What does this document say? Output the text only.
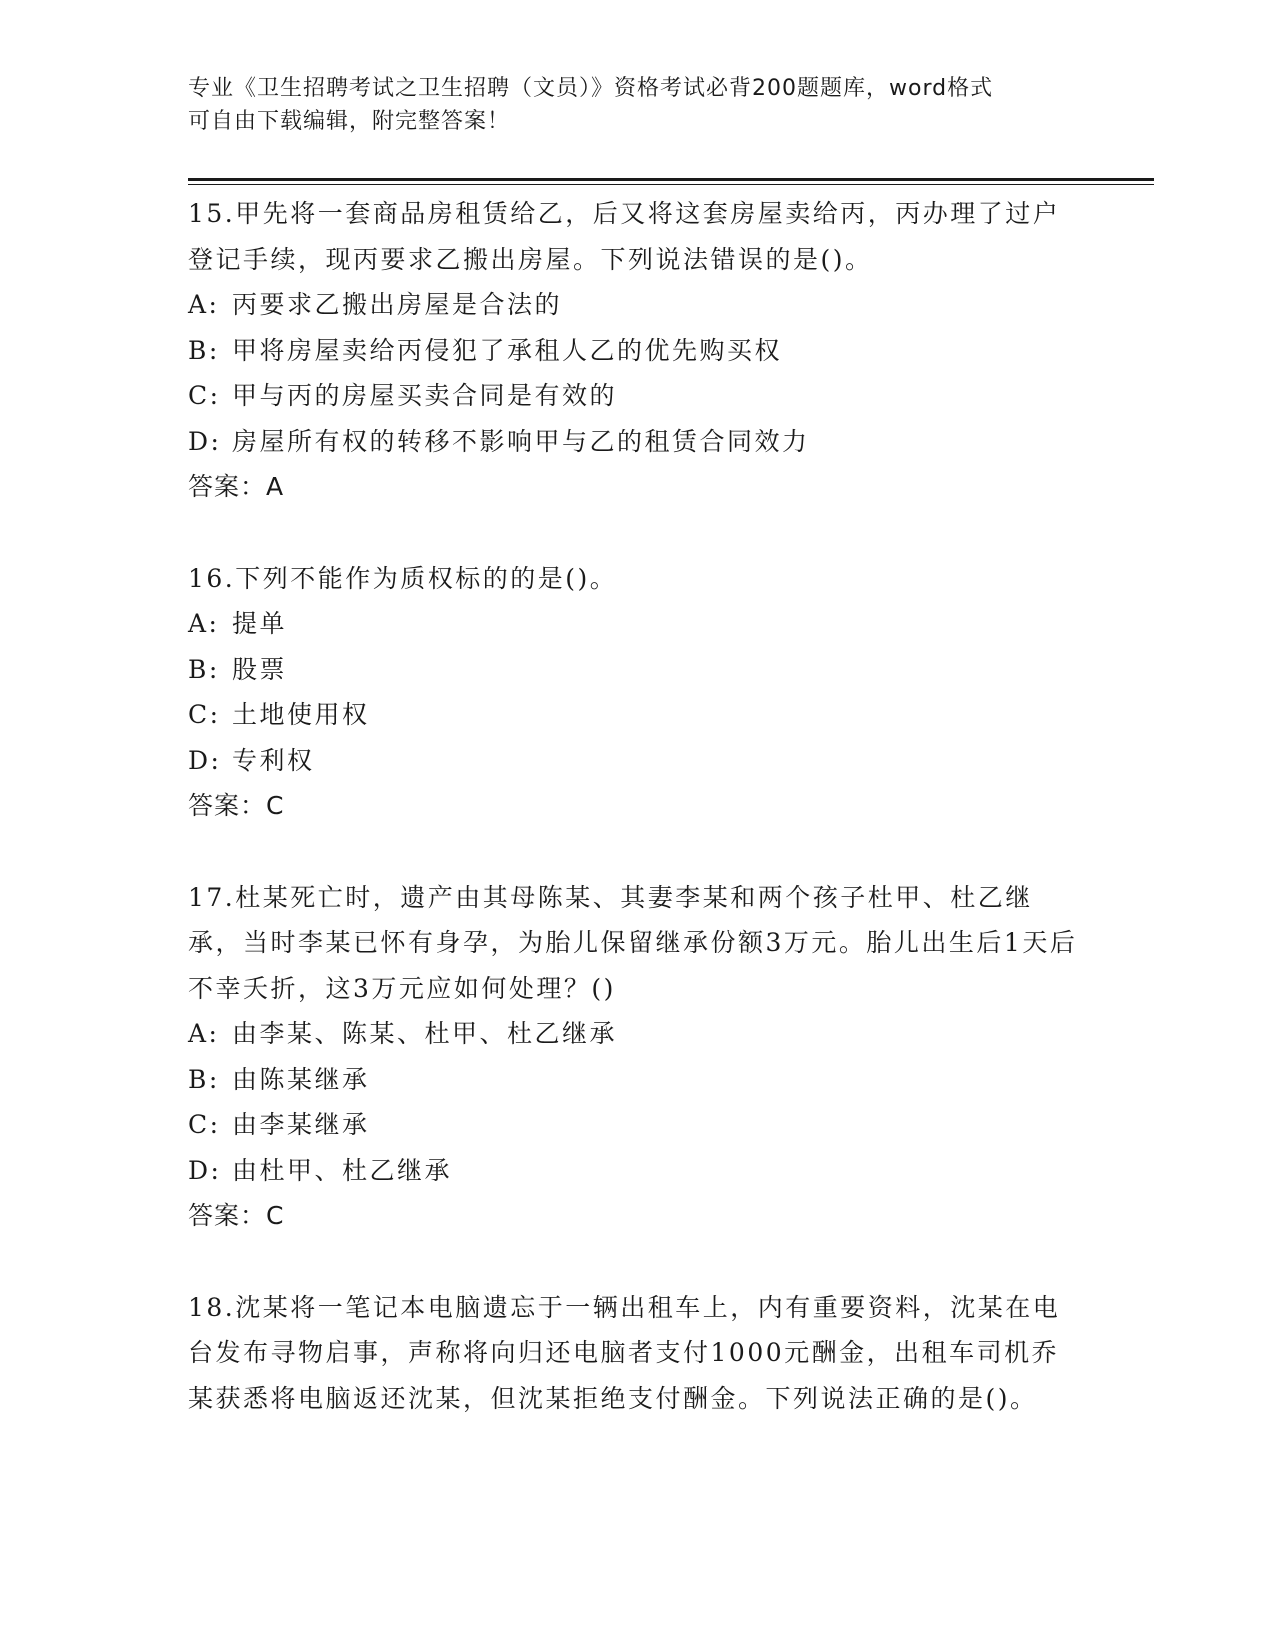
专业《卫生招聘考试之卫生招聘（文员）》资格考试必背200题题库，word格式
可自由下载编辑，附完整答案！

15.甲先将一套商品房租赁给乙，后又将这套房屋卖给丙，丙办理了过户登记手续，现丙要求乙搬出房屋。下列说法错误的是()。

A: 丙要求乙搬出房屋是合法的

B: 甲将房屋卖给丙侵犯了承租人乙的优先购买权

C: 甲与丙的房屋买卖合同是有效的

D: 房屋所有权的转移不影响甲与乙的租赁合同效力

答案：A

16.下列不能作为质权标的的是()。

A: 提单

B: 股票

C: 土地使用权

D: 专利权

答案：C

17.杜某死亡时，遗产由其母陈某、其妻李某和两个孩子杜甲、杜乙继承，当时李某已怀有身孕，为胎儿保留继承份额3万元。胎儿出生后1天后不幸夭折，这3万元应如何处理？()

A: 由李某、陈某、杜甲、杜乙继承

B: 由陈某继承

C: 由李某继承

D: 由杜甲、杜乙继承

答案：C

18.沈某将一笔记本电脑遗忘于一辆出租车上，内有重要资料，沈某在电台发布寻物启事，声称将向归还电脑者支付1000元酬金，出租车司机乔某获悉将电脑返还沈某，但沈某拒绝支付酬金。下列说法正确的是()。
